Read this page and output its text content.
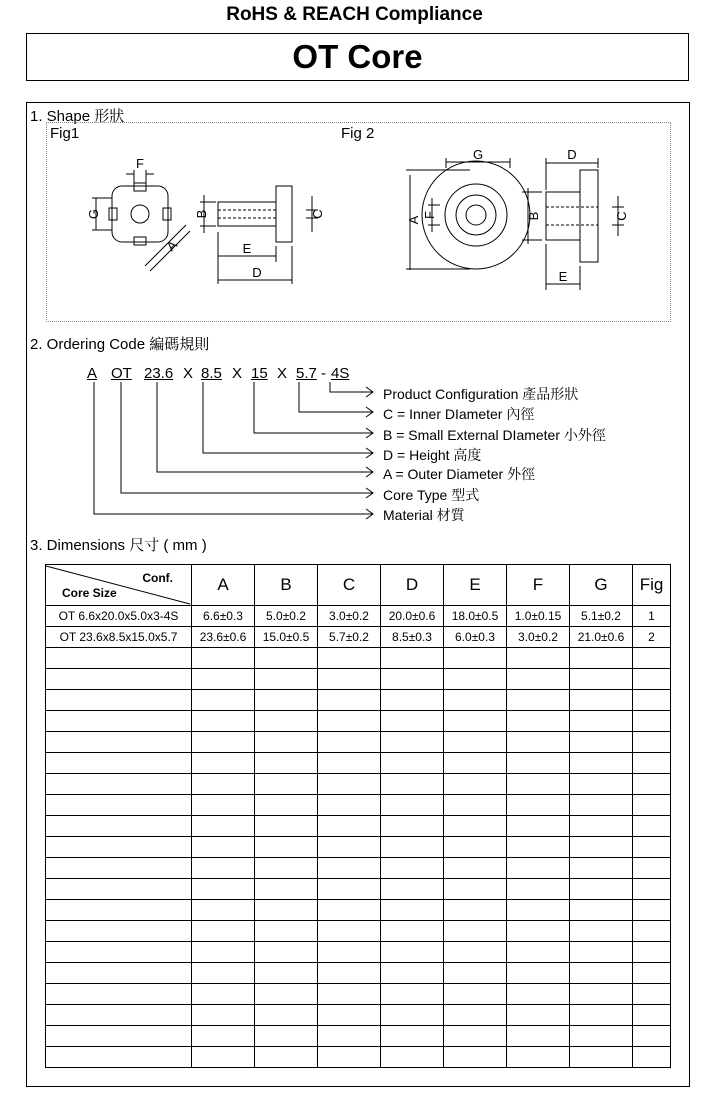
RoHS & REACH Compliance
OT Core
1. Shape 形狀
Fig1	Fig 2
F
G
A
B	C
E
D
G
A
F
D
B	C
E
2. Ordering Code 編碼規則
A OT 23.6 X 8.5 X 15 X 5.7 - 4S
Product Configuration 產品形狀
C = Inner DIameter 內徑
B = Small External DIameter 小外徑
D = Height 高度
A = Outer Diameter 外徑
Core Type 型式
Material 材質
3. Dimensions 尺寸 ( mm )
Conf.
Core Size	A	B	C	D	E	F	G	Fig
OT 6.6x20.0x5.0x3-4S	6.6±0.3	5.0±0.2	3.0±0.2	20.0±0.6	18.0±0.5	1.0±0.15	5.1±0.2	1
OT 23.6x8.5x15.0x5.7	23.6±0.6	15.0±0.5	5.7±0.2	8.5±0.3	6.0±0.3	3.0±0.2	21.0±0.6	2
